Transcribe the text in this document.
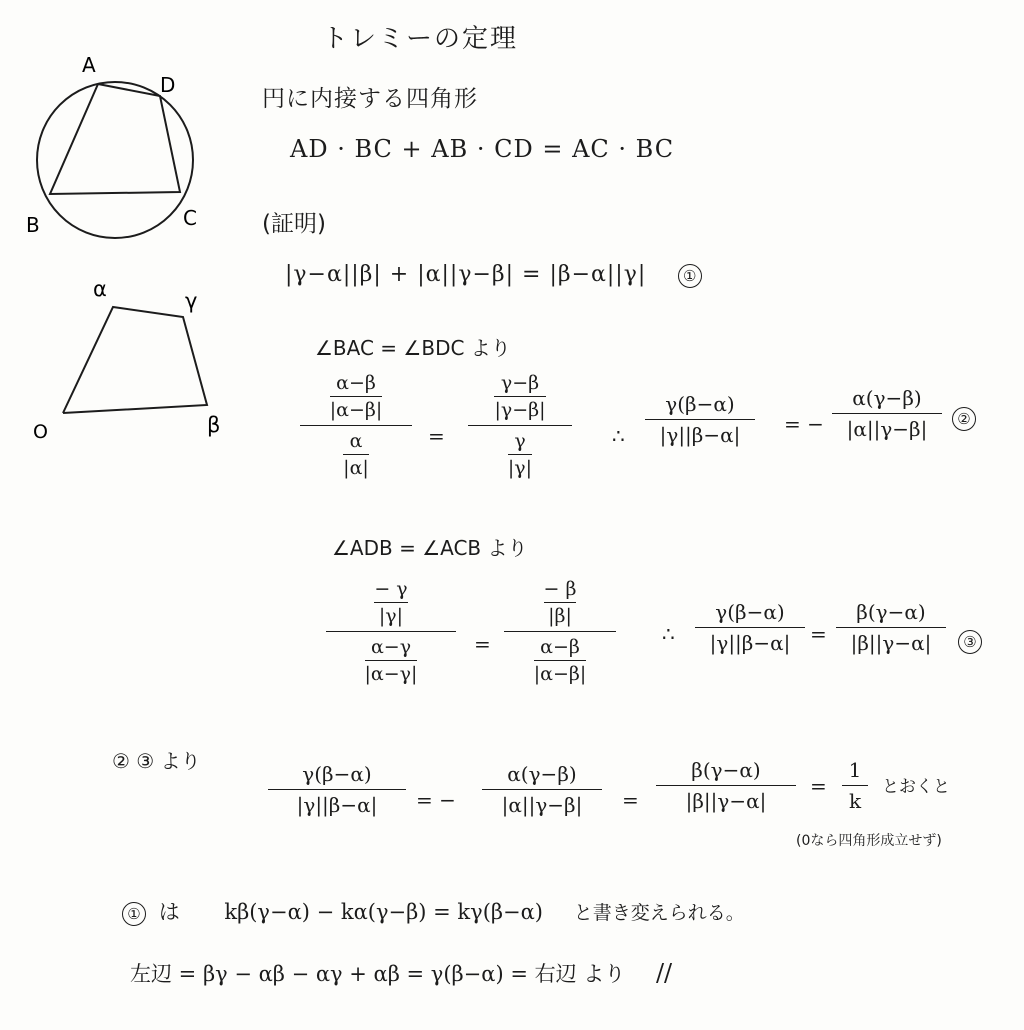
トレミーの定理
円に内接する四角形
AD · BC + AB · CD = AC · BC
(証明)
A
D
B	C
α	γ
O	β
|γ−α||β| + |α||γ−β| = |β−α||γ| ①
∠BAC = ∠BDC より
$\frac{\alpha-\beta}{|\alpha-\beta|}$
$\frac{\alpha}{|\alpha|}$	=
$\frac{\gamma-\beta}{|\gamma-\beta|}$
$\frac{\gamma}{|\gamma|}$	∴
γ(β−α)
|γ||β−α|	= −
α(γ−β)
|α||γ−β|	②
∠ADB = ∠ACB より
$\frac{- \gamma}{|\gamma|}$
$\frac{\alpha-\gamma}{|\alpha-\gamma|}$	=
$\frac{- \beta}{|\beta|}$
$\frac{\alpha-\beta}{|\alpha-\beta|}$
∴
γ(β−α)
|γ||β−α| =
β(γ−α)
|β||γ−α|	③
② ③ より
γ(β−α)
|γ||β−α|	= −
α(γ−β)
|α||γ−β|	=
β(γ−α)
|β||γ−α|
=
1
k
とおくと
(0なら四角形成立せず)
① は kβ(γ−α) − kα(γ−β) = kγ(β−α) と書き変えられる。
左辺 = βγ − αβ − αγ + αβ = γ(β−α) = 右辺 より //
